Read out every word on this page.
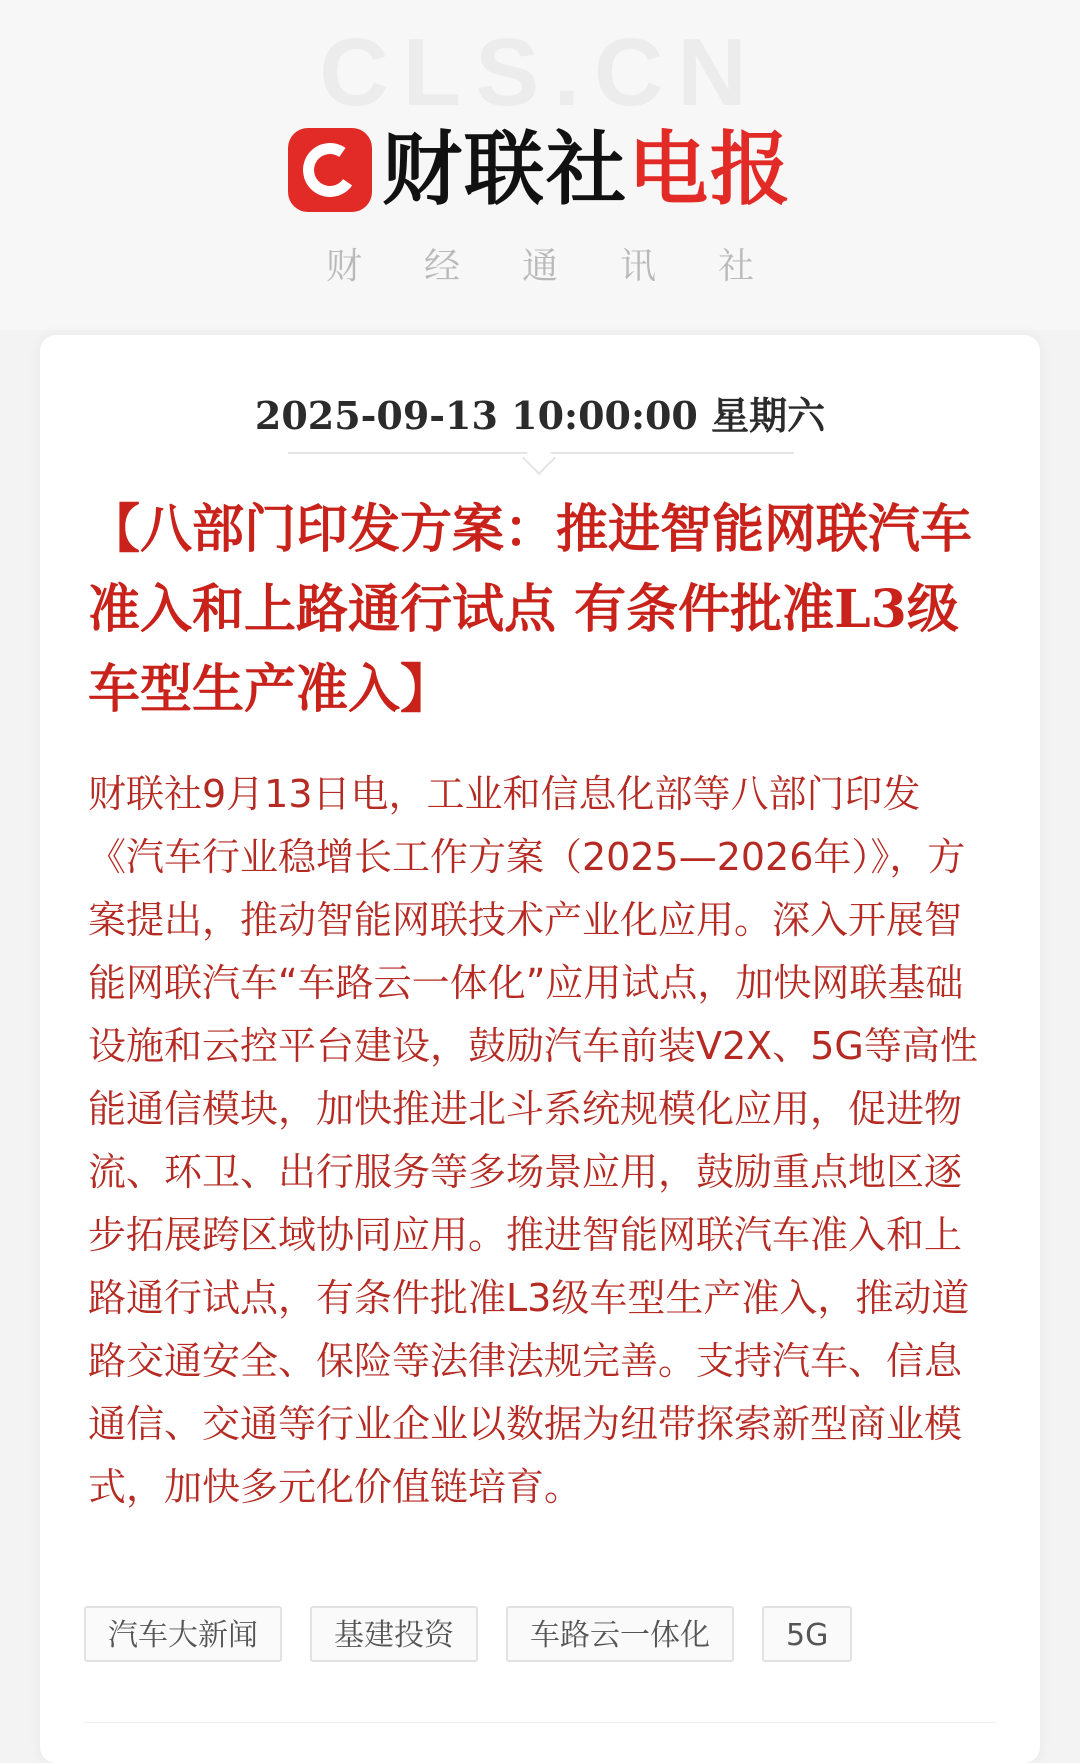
CLS.CN
财联社 电报
财经通讯社
2025-09-13 10:00:00 星期六
【八部门印发方案：推进智能网联汽车准入和上路通行试点 有条件批准L3级车型生产准入】
财联社9月13日电，工业和信息化部等八部门印发《汽车行业稳增长工作方案（2025—2026年）》，方案提出，推动智能网联技术产业化应用。深入开展智能网联汽车“车路云一体化”应用试点，加快网联基础设施和云控平台建设，鼓励汽车前装V2X、5G等高性能通信模块，加快推进北斗系统规模化应用，促进物流、环卫、出行服务等多场景应用，鼓励重点地区逐步拓展跨区域协同应用。推进智能网联汽车准入和上路通行试点，有条件批准L3级车型生产准入，推动道路交通安全、保险等法律法规完善。支持汽车、信息通信、交通等行业企业以数据为纽带探索新型商业模式，加快多元化价值链培育。
汽车大新闻	基建投资	车路云一体化	5G
